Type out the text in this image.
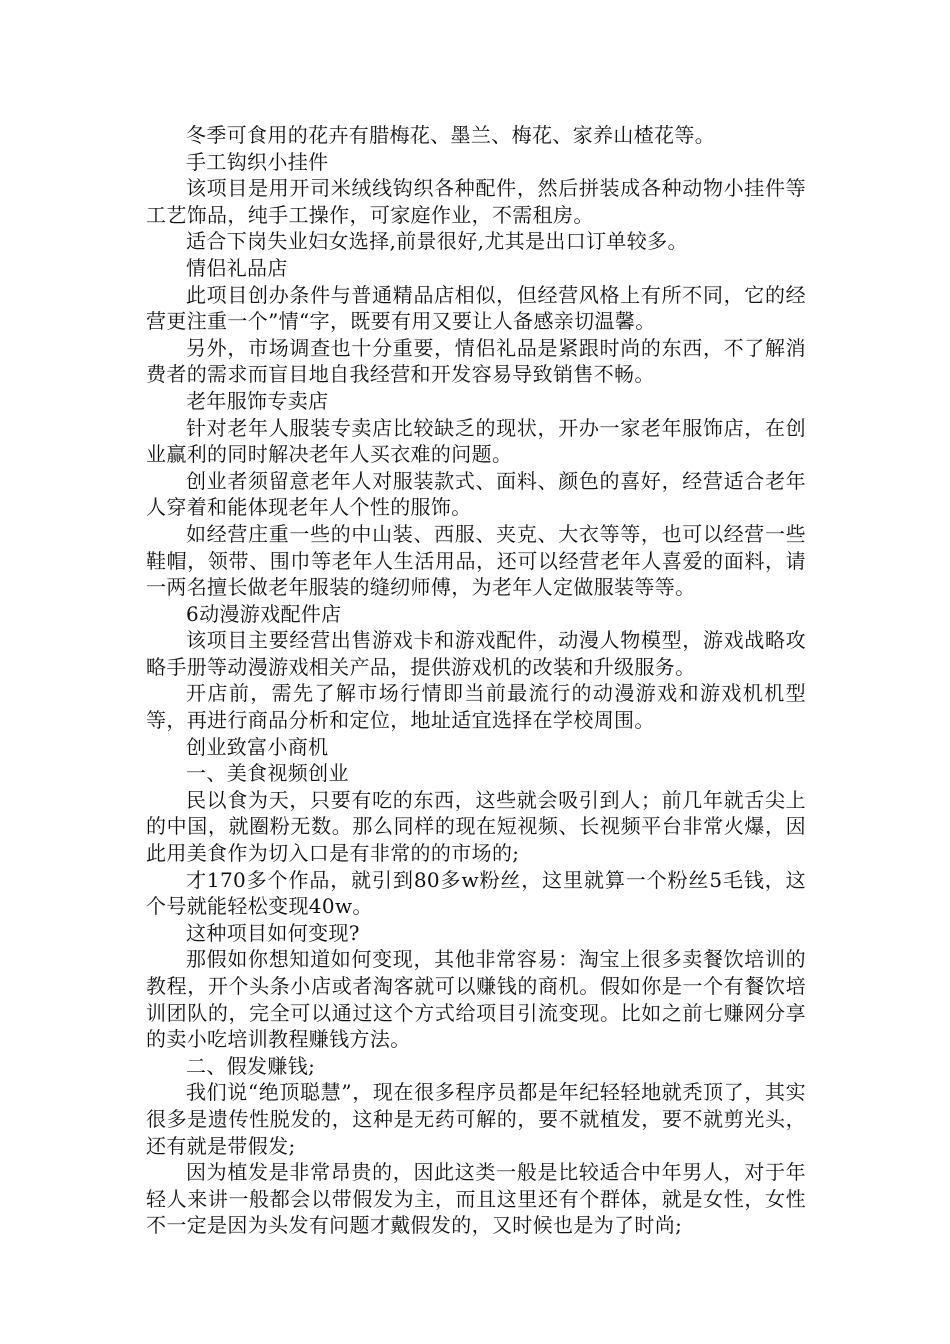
冬季可食用的花卉有腊梅花、墨兰、梅花、家养山楂花等。

手工钩织小挂件

该项目是用开司米绒线钩织各种配件，然后拼装成各种动物小挂件等工艺饰品，纯手工操作，可家庭作业，不需租房。

适合下岗失业妇女选择,前景很好,尤其是出口订单较多。

情侣礼品店

此项目创办条件与普通精品店相似，但经营风格上有所不同，它的经营更注重一个”情“字，既要有用又要让人备感亲切温馨。

另外，市场调查也十分重要，情侣礼品是紧跟时尚的东西，不了解消费者的需求而盲目地自我经营和开发容易导致销售不畅。

老年服饰专卖店

针对老年人服装专卖店比较缺乏的现状，开办一家老年服饰店，在创业赢利的同时解决老年人买衣难的问题。

创业者须留意老年人对服装款式、面料、颜色的喜好，经营适合老年人穿着和能体现老年人个性的服饰。

如经营庄重一些的中山装、西服、夹克、大衣等等，也可以经营一些鞋帽，领带、围巾等老年人生活用品，还可以经营老年人喜爱的面料，请一两名擅长做老年服装的缝纫师傅，为老年人定做服装等等。

6动漫游戏配件店

该项目主要经营出售游戏卡和游戏配件，动漫人物模型，游戏战略攻略手册等动漫游戏相关产品，提供游戏机的改装和升级服务。

开店前，需先了解市场行情即当前最流行的动漫游戏和游戏机机型等，再进行商品分析和定位，地址适宜选择在学校周围。

创业致富小商机

一、美食视频创业

民以食为天，只要有吃的东西，这些就会吸引到人；前几年就舌尖上的中国，就圈粉无数。那么同样的现在短视频、长视频平台非常火爆，因此用美食作为切入口是有非常的的市场的;

才170多个作品，就引到80多w粉丝，这里就算一个粉丝5毛钱，这个号就能轻松变现40w。

这种项目如何变现?

那假如你想知道如何变现，其他非常容易：淘宝上很多卖餐饮培训的教程，开个头条小店或者淘客就可以赚钱的商机。假如你是一个有餐饮培训团队的，完全可以通过这个方式给项目引流变现。比如之前七赚网分享的卖小吃培训教程赚钱方法。

二、假发赚钱;

我们说“绝顶聪慧”，现在很多程序员都是年纪轻轻地就秃顶了，其实很多是遗传性脱发的，这种是无药可解的，要不就植发，要不就剪光头，还有就是带假发;

因为植发是非常昂贵的，因此这类一般是比较适合中年男人，对于年轻人来讲一般都会以带假发为主，而且这里还有个群体，就是女性，女性不一定是因为头发有问题才戴假发的，又时候也是为了时尚;
